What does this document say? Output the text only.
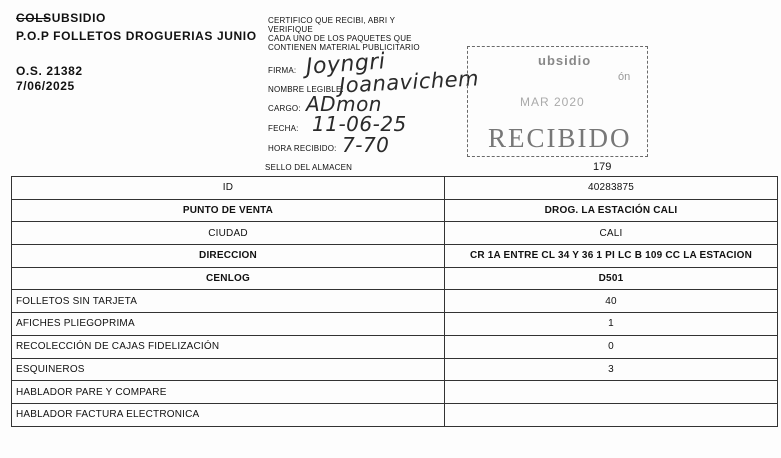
COLSUBSIDIO
P.O.P FOLLETOS DROGUERIAS JUNIO
O.S. 21382
7/06/2025
CERTIFICO QUE RECIBI, ABRI Y
VERIFIQUE
CADA UNO DE LOS PAQUETES QUE
CONTIENEN MATERIAL PUBLICITARIO
FIRMA: Joyngri
NOMBRE LEGIBLE:
Joanavichem
CARGO: ADmon
FECHA: 11-06-25
HORA RECIBIDO: 7-70
SELLO DEL ALMACEN	179
ubsidio
ón
MAR 2020
RECIBIDO
ID	40283875
PUNTO DE VENTA	DROG. LA ESTACIÓN CALI
CIUDAD	CALI
DIRECCION	CR 1A ENTRE CL 34 Y 36 1 PI LC B 109 CC LA ESTACION
CENLOG	D501
FOLLETOS SIN TARJETA	40
AFICHES PLIEGOPRIMA	1
RECOLECCIÓN DE CAJAS FIDELIZACIÓN	0
ESQUINEROS	3
HABLADOR PARE Y COMPARE	
HABLADOR FACTURA ELECTRONICA	
